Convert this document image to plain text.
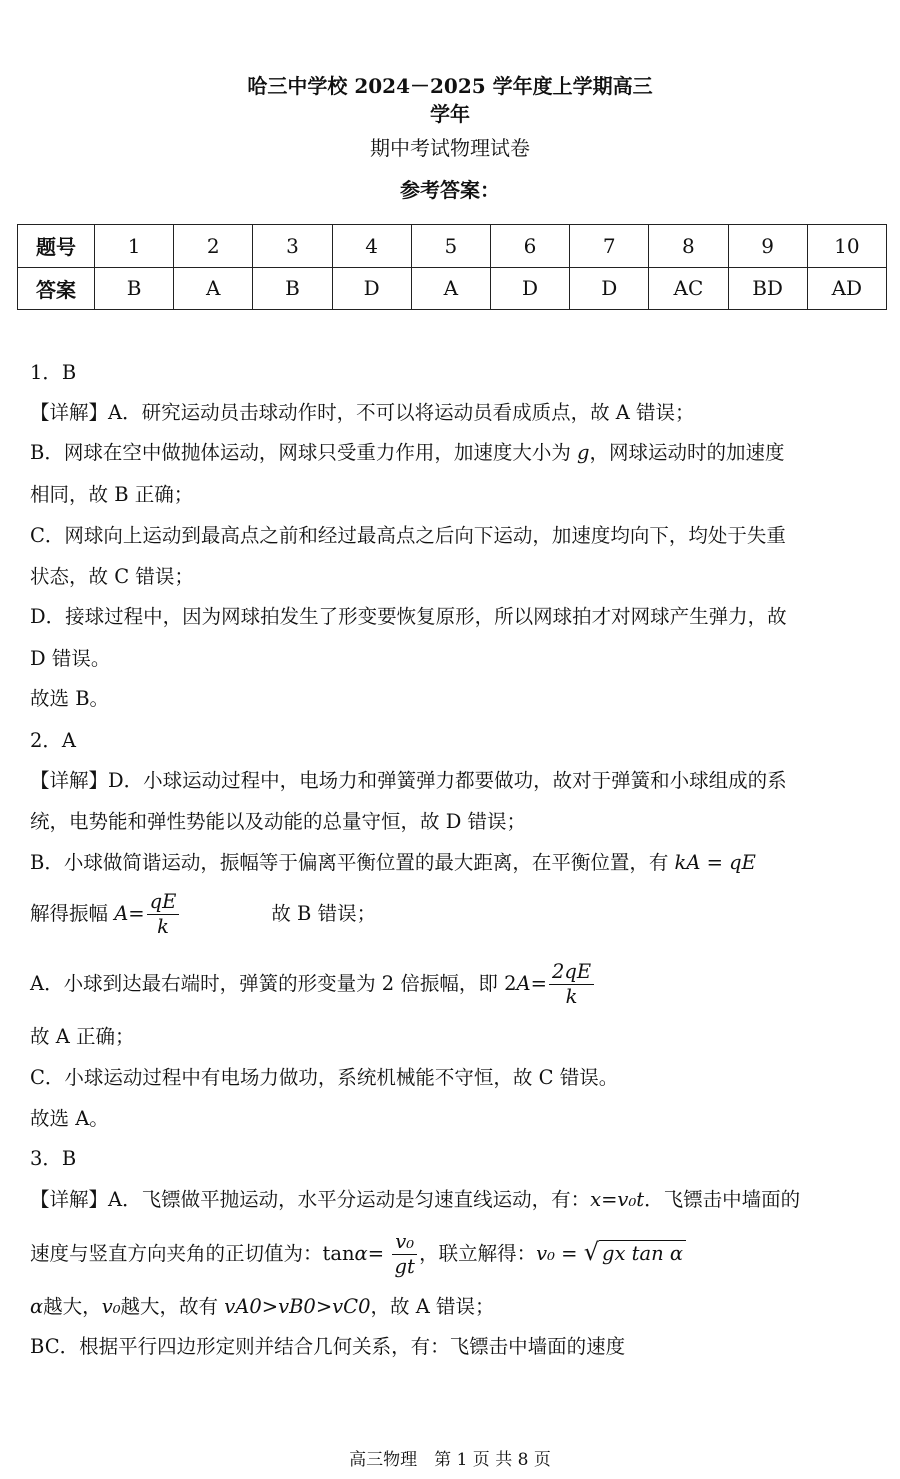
哈三中学校 2024－2025 学年度上学期高三
学年
期中考试物理试卷
参考答案：
题号	1	2	3	4	5	6	7	8	9	10
答案	B	A	B	D	A	D	D	AC	BD	AD
1．B
【详解】A．研究运动员击球动作时，不可以将运动员看成质点，故 A 错误；
B．网球在空中做抛体运动，网球只受重力作用，加速度大小为 g，网球运动时的加速度
相同，故 B 正确；
C．网球向上运动到最高点之前和经过最高点之后向下运动，加速度均向下，均处于失重
状态，故 C 错误；
D．接球过程中，因为网球拍发生了形变要恢复原形，所以网球拍才对网球产生弹力，故
D 错误。
故选 B。
2．A
【详解】D．小球运动过程中，电场力和弹簧弹力都要做功，故对于弹簧和小球组成的系
统，电势能和弹性势能以及动能的总量守恒，故 D 错误；
B．小球做简谐运动，振幅等于偏离平衡位置的最大距离，在平衡位置，有 kA = qE
解得振幅 $A= \frac{qE}{k}$	故 B 错误；
A．小球到达最右端时，弹簧的形变量为 2 倍振幅，即 $2A= \frac{2qE}{k}$
故 A 正确；
C．小球运动过程中有电场力做功，系统机械能不守恒，故 C 错误。
故选 A。
3．B
【详解】A．飞镖做平抛运动，水平分运动是匀速直线运动，有：x=v₀t．飞镖击中墙面的
速度与竖直方向夹角的正切值为：$\tan\alpha= \frac{\text{v₀}}{gt}$ ，联立解得：v₀ = √ gx tan α
α越大，v₀越大，故有 vA0>vB0>vC0，故 A 错误；
BC．根据平行四边形定则并结合几何关系，有：飞镖击中墙面的速度
高三物理　第 1 页 共 8 页
